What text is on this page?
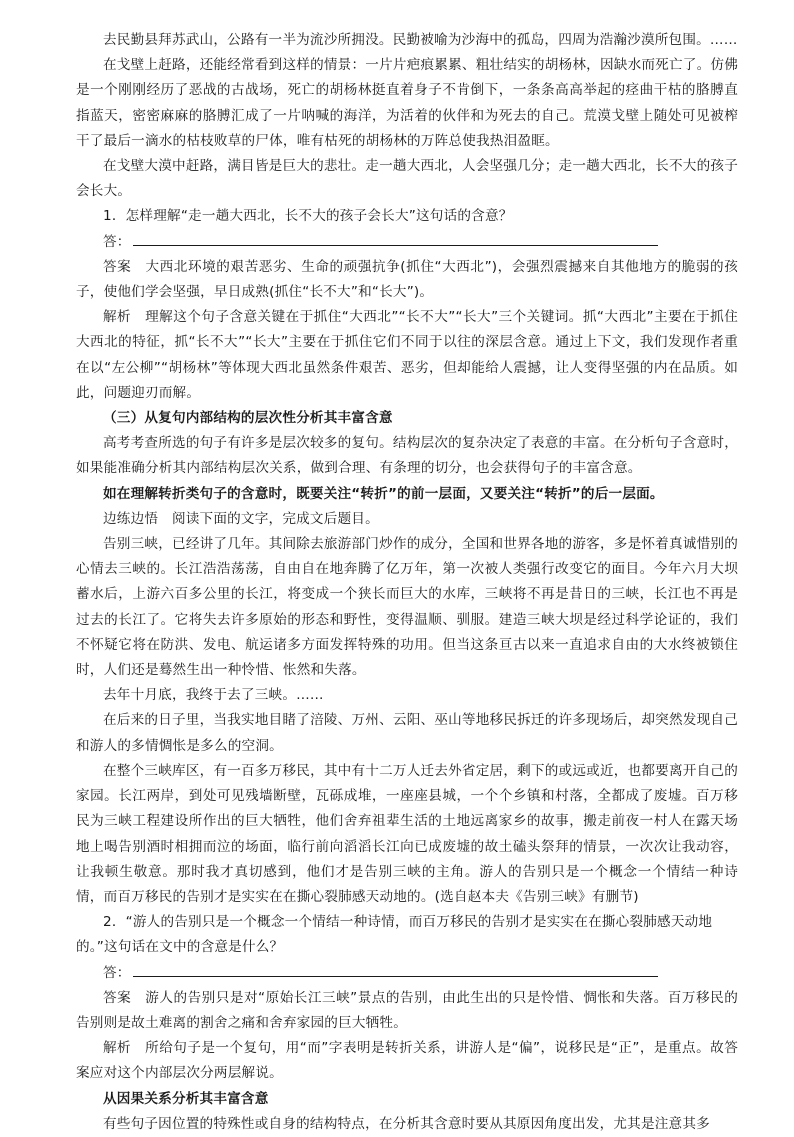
去民勤县拜苏武山，公路有一半为流沙所拥没。民勤被喻为沙海中的孤岛，四周为浩瀚沙漠所包围。……

在戈壁上赶路，还能经常看到这样的情景：一片片疤痕累累、粗壮结实的胡杨林，因缺水而死亡了。仿佛是一个刚刚经历了恶战的古战场，死亡的胡杨林挺直着身子不肯倒下，一条条高高举起的痉曲干枯的胳膊直指蓝天，密密麻麻的胳膊汇成了一片呐喊的海洋，为活着的伙伴和为死去的自己。荒漠戈壁上随处可见被榨干了最后一滴水的枯枝败草的尸体，唯有枯死的胡杨林的万阵总使我热泪盈眶。

在戈壁大漠中赶路，满目皆是巨大的悲壮。走一趟大西北，人会坚强几分；走一趟大西北，长不大的孩子会长大。

1．怎样理解“走一趟大西北，长不大的孩子会长大”这句话的含意？

答：

答案　大西北环境的艰苦恶劣、生命的顽强抗争(抓住“大西北”)，会强烈震撼来自其他地方的脆弱的孩子，使他们学会坚强，早日成熟(抓住“长不大”和“长大”)。

解析　理解这个句子含意关键在于抓住“大西北”“长不大”“长大”三个关键词。抓“大西北”主要在于抓住大西北的特征，抓“长不大”“长大”主要在于抓住它们不同于以往的深层含意。通过上下文，我们发现作者重在以“左公柳”“胡杨林”等体现大西北虽然条件艰苦、恶劣，但却能给人震撼，让人变得坚强的内在品质。如此，问题迎刃而解。

（三）从复句内部结构的层次性分析其丰富含意

高考考查所选的句子有许多是层次较多的复句。结构层次的复杂决定了表意的丰富。在分析句子含意时，如果能准确分析其内部结构层次关系，做到合理、有条理的切分，也会获得句子的丰富含意。

如在理解转折类句子的含意时，既要关注“转折”的前一层面，又要关注“转折”的后一层面。

边练边悟　阅读下面的文字，完成文后题目。

告别三峡，已经讲了几年。其间除去旅游部门炒作的成分，全国和世界各地的游客，多是怀着真诚惜别的心情去三峡的。长江浩浩荡荡，自由自在地奔腾了亿万年，第一次被人类强行改变它的面目。今年六月大坝蓄水后，上游六百多公里的长江，将变成一个狭长而巨大的水库，三峡将不再是昔日的三峡，长江也不再是过去的长江了。它将失去许多原始的形态和野性，变得温顺、驯服。建造三峡大坝是经过科学论证的，我们不怀疑它将在防洪、发电、航运诸多方面发挥特殊的功用。但当这条亘古以来一直追求自由的大水终被锁住时，人们还是蓦然生出一种怜惜、怅然和失落。

去年十月底，我终于去了三峡。……

在后来的日子里，当我实地目睹了涪陵、万州、云阳、巫山等地移民拆迁的许多现场后，却突然发现自己和游人的多情惆怅是多么的空洞。

在整个三峡库区，有一百多万移民，其中有十二万人迁去外省定居，剩下的或远或近，也都要离开自己的家园。长江两岸，到处可见残墙断壁，瓦砾成堆，一座座县城，一个个乡镇和村落，全都成了废墟。百万移民为三峡工程建设所作出的巨大牺牲，他们舍弃祖辈生活的土地远离家乡的故事，搬走前夜一村人在露天场地上喝告别酒时相拥而泣的场面，临行前向滔滔长江向已成废墟的故土磕头祭拜的情景，一次次让我动容，让我顿生敬意。那时我才真切感到，他们才是告别三峡的主角。游人的告别只是一个概念一个情结一种诗情，而百万移民的告别才是实实在在撕心裂肺感天动地的。(选自赵本夫《告别三峡》有删节)

2．“游人的告别只是一个概念一个情结一种诗情，而百万移民的告别才是实实在在撕心裂肺感天动地的。”这句话在文中的含意是什么？

答：

答案　游人的告别只是对“原始长江三峡”景点的告别，由此生出的只是怜惜、惆怅和失落。百万移民的告别则是故土难离的割舍之痛和舍弃家园的巨大牺牲。

解析　所给句子是一个复句，用“而”字表明是转折关系，讲游人是“偏”，说移民是“正”，是重点。故答案应对这个内部层次分两层解说。

从因果关系分析其丰富含意

有些句子因位置的特殊性或自身的结构特点，在分析其含意时要从其原因角度出发，尤其是注意其多
